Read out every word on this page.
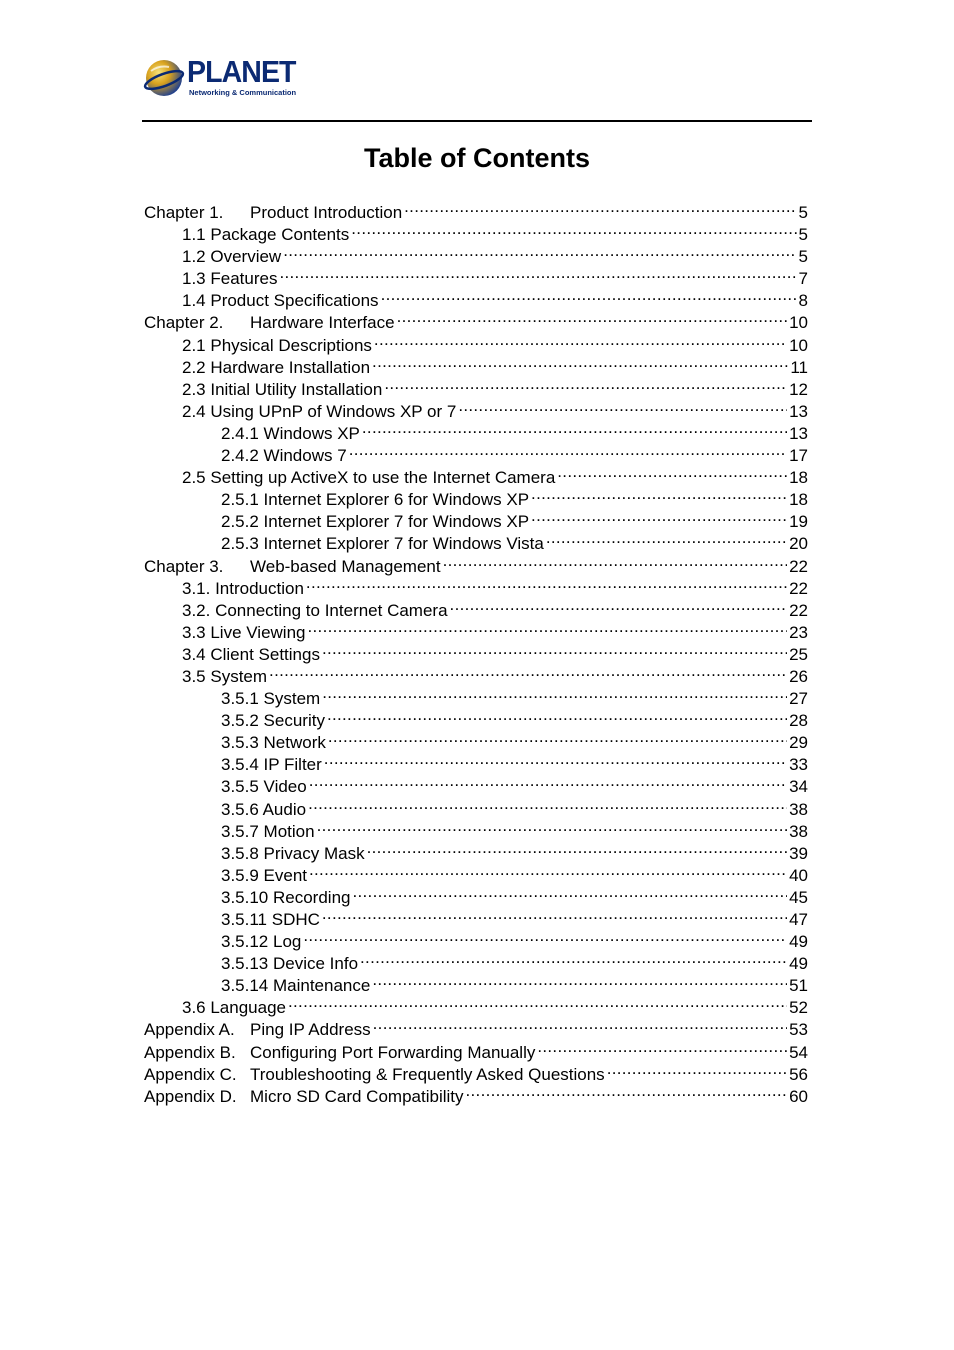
PLANET
Networking & Communication
Table of Contents
Chapter 1.	Product Introduction .....	5
1.1 Package Contents .....	5
1.2 Overview .....	5
1.3 Features .....	7
1.4 Product Specifications .....	8
Chapter 2.	Hardware Interface .....	10
2.1 Physical Descriptions .....	10
2.2 Hardware Installation .....	11
2.3 Initial Utility Installation .....	12
2.4 Using UPnP of Windows XP or 7 .....	13
2.4.1 Windows XP .....	13
2.4.2 Windows 7 .....	17
2.5 Setting up ActiveX to use the Internet Camera .....	18
2.5.1 Internet Explorer 6 for Windows XP .....	18
2.5.2 Internet Explorer 7 for Windows XP .....	19
2.5.3 Internet Explorer 7 for Windows Vista .....	20
Chapter 3.	Web-based Management .....	22
3.1. Introduction .....	22
3.2. Connecting to Internet Camera .....	22
3.3 Live Viewing .....	23
3.4 Client Settings .....	25
3.5 System .....	26
3.5.1 System .....	27
3.5.2 Security .....	28
3.5.3 Network .....	29
3.5.4 IP Filter .....	33
3.5.5 Video .....	34
3.5.6 Audio .....	38
3.5.7 Motion .....	38
3.5.8 Privacy Mask .....	39
3.5.9 Event .....	40
3.5.10 Recording .....	45
3.5.11 SDHC .....	47
3.5.12 Log .....	49
3.5.13 Device Info .....	49
3.5.14 Maintenance .....	51
3.6 Language .....	52
Appendix A. Ping IP Address .....	53
Appendix B. Configuring Port Forwarding Manually .....	54
Appendix C. Troubleshooting & Frequently Asked Questions .....	56
Appendix D. Micro SD Card Compatibility .....	60
